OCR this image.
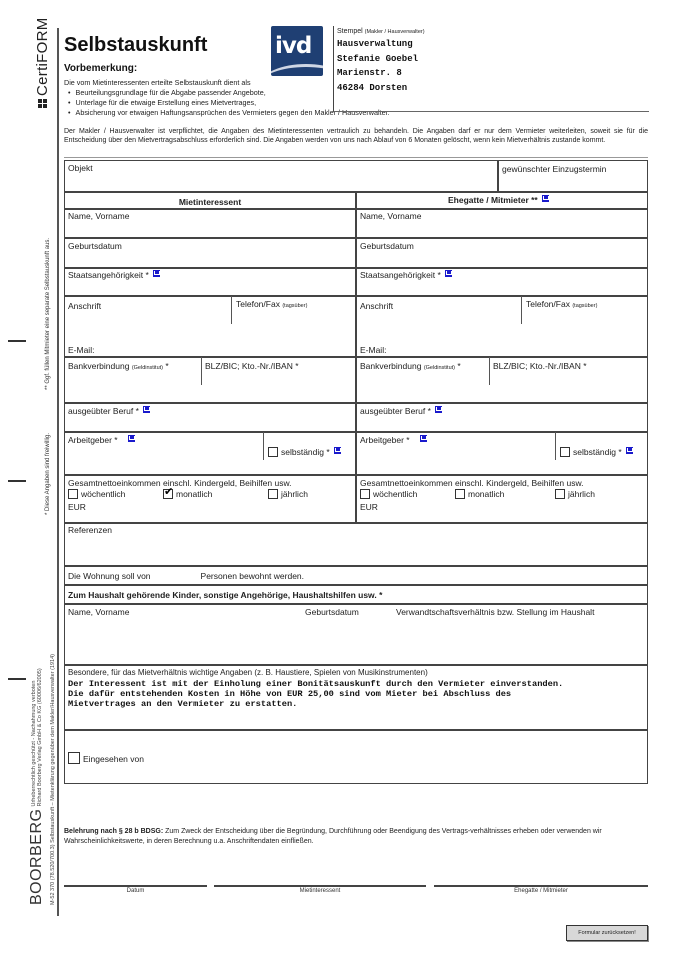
CertiFORM
* Diese Angaben sind freiwillig.
** Ggf. füllen Mitmieter eine separate Selbstauskunft aus.
BOORBERG
Urheberrechtlich geschützt - Nachahmung verboten
Richard Boorberg Verlag GmbH & Co KG (60006/62005) M-52 370 (78.520/700.3) Selbstauskunft – Mietenklärung gegenüber dem Makler/Hausverwalter (1914)
Selbstauskunft
Vorbemerkung:
Die vom Mietinteressenten erteilte Selbstauskunft dient als
• Beurteilungsgrundlage für die Abgabe passender Angebote,
• Unterlage für die etwaige Erstellung eines Mietvertrages,
• Absicherung vor etwaigen Haftungsansprüchen des Vermieters gegen den Makler / Hausverwalter.
Der Makler / Hausverwalter ist verpflichtet, die Angaben des Mietinteressenten vertraulich zu behandeln. Die Angaben darf er nur dem Vermieter weiterleiten, soweit sie für die Entscheidung über den Mietvertragsabschluss erforderlich sind. Die Angaben werden von uns nach Ablauf von 6 Monaten gelöscht, wenn kein Mietverhältnis zustande kommt.
ivd
Stempel (Makler / Hausverwalter)
Hausverwaltung
Stefanie Goebel
Marienstr. 8
46284 Dorsten
Objekt	gewünschter Einzugstermin
Mietinteressent	Ehegatte / Mitmieter **
Name, Vorname	Name, Vorname
Geburtsdatum	Geburtsdatum
Staatsangehörigkeit *	Staatsangehörigkeit *
Anschrift	Telefon/Fax (tagsüber)
E-Mail:
Anschrift	Telefon/Fax (tagsüber)
E-Mail:
Bankverbindung (Geldinstitut) *	BLZ/BIC; Kto.-Nr./IBAN *	Bankverbindung (Geldinstitut) *	BLZ/BIC; Kto.-Nr./IBAN *
ausgeübter Beruf *	ausgeübter Beruf *
Arbeitgeber *
selbständig *
Arbeitgeber *
selbständig *
Gesamtnettoeinkommen einschl. Kindergeld, Beihilfen usw.
wöchentlich ✔	monatlich	jährlich
EUR
Gesamtnettoeinkommen einschl. Kindergeld, Beihilfen usw.
wöchentlich	monatlich	jährlich
EUR
Referenzen
Die Wohnung soll von	Personen bewohnt werden.
Zum Haushalt gehörende Kinder, sonstige Angehörige, Haushaltshilfen usw. *
Name, Vorname	Geburtsdatum	Verwandtschaftsverhältnis bzw. Stellung im Haushalt
Besondere, für das Mietverhältnis wichtige Angaben (z. B. Haustiere, Spielen von Musikinstrumenten)
Der Interessent ist mit der Einholung einer Bonitätsauskunft durch den Vermieter einverstanden. Die dafür entstehenden Kosten in Höhe von EUR 25,00 sind vom Mieter bei Abschluss des Mietvertrages an den Vermieter zu erstatten.
Eingesehen von
Belehrung nach § 28 b BDSG: Zum Zweck der Entscheidung über die Begründung, Durchführung oder Beendigung des Vertrags-verhältnisses erheben oder verwenden wir Wahrscheinlichkeitswerte, in deren Berechnung u.a. Anschriftendaten einfließen.
Datum	Mietinteressent	Ehegatte / Mitmieter
Formular zurücksetzen!
